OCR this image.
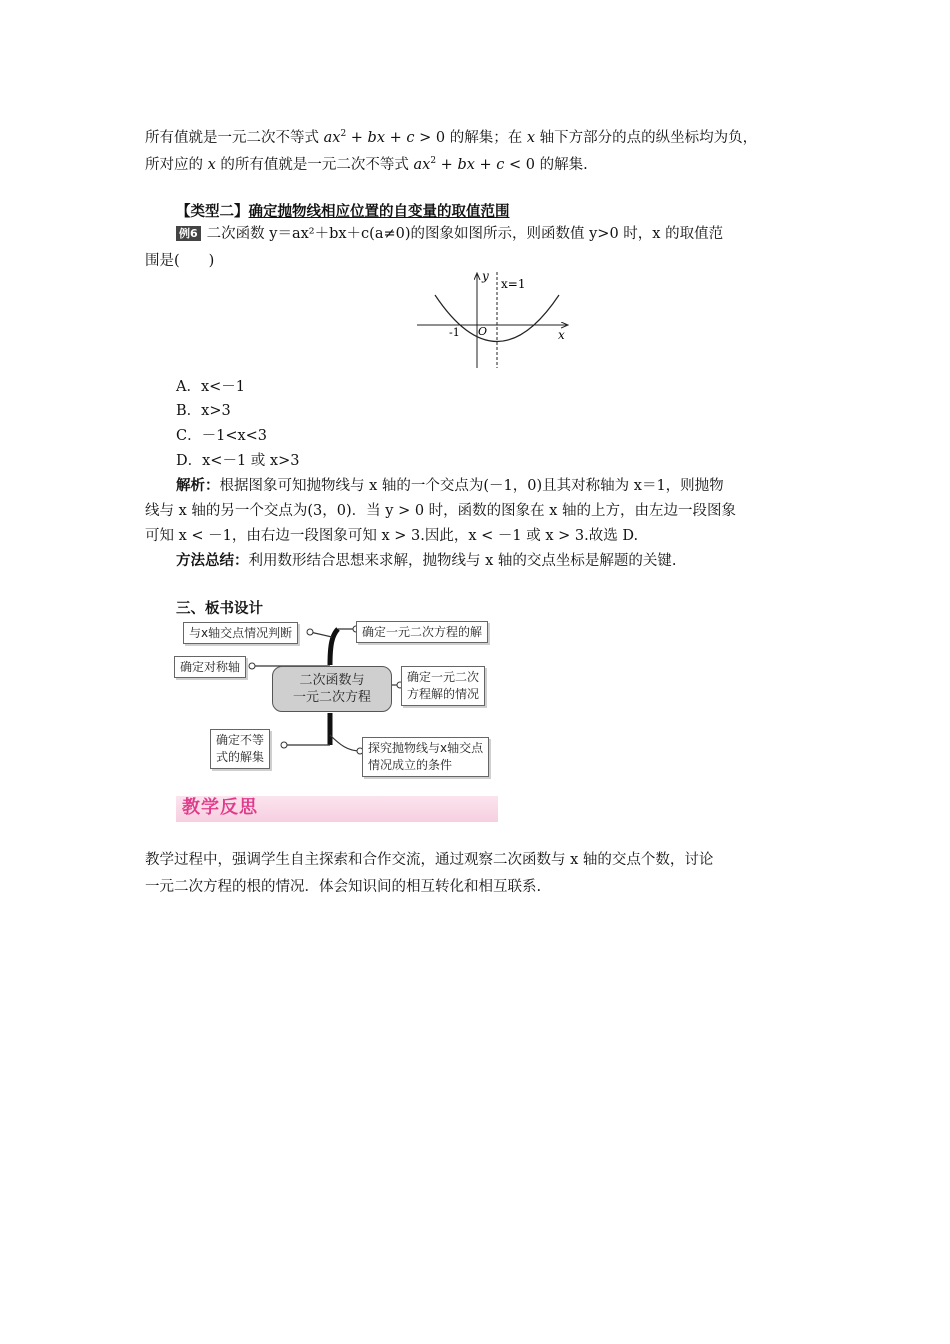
所有值就是一元二次不等式 $ax^2$ + bx + c > 0 的解集；在 x 轴下方部分的点的纵坐标均为负，
所对应的 x 的所有值就是一元二次不等式 $ax^2$ + bx + c < 0 的解集.
【类型二】确定抛物线相应位置的自变量的取值范围
例6 二次函数 y＝ax²＋bx＋c(a≠0)的图象如图所示，则函数值 y>0 时，x 的取值范
围是(　　)
y
x=1
O
-1	x
A．x<－1
B．x>3
C．－1<x<3
D．x<－1 或 x>3
解析：根据图象可知抛物线与 x 轴的一个交点为(－1，0)且其对称轴为 x＝1，则抛物
线与 x 轴的另一个交点为(3，0)．当 y > 0 时，函数的图象在 x 轴的上方，由左边一段图象
可知 x < －1，由右边一段图象可知 x > 3.因此，x < －1 或 x > 3.故选 D.
方法总结：利用数形结合思想来求解，抛物线与 x 轴的交点坐标是解题的关键.
三、板书设计
与x轴交点情况判断
确定对称轴
确定不等
式的解集
二次函数与
一元二次方程
确定一元二次方程的解
确定一元二次
方程解的情况
探究抛物线与x轴交点
情况成立的条件
教学反思
教学过程中，强调学生自主探索和合作交流，通过观察二次函数与 x 轴的交点个数，讨论
一元二次方程的根的情况．体会知识间的相互转化和相互联系.
